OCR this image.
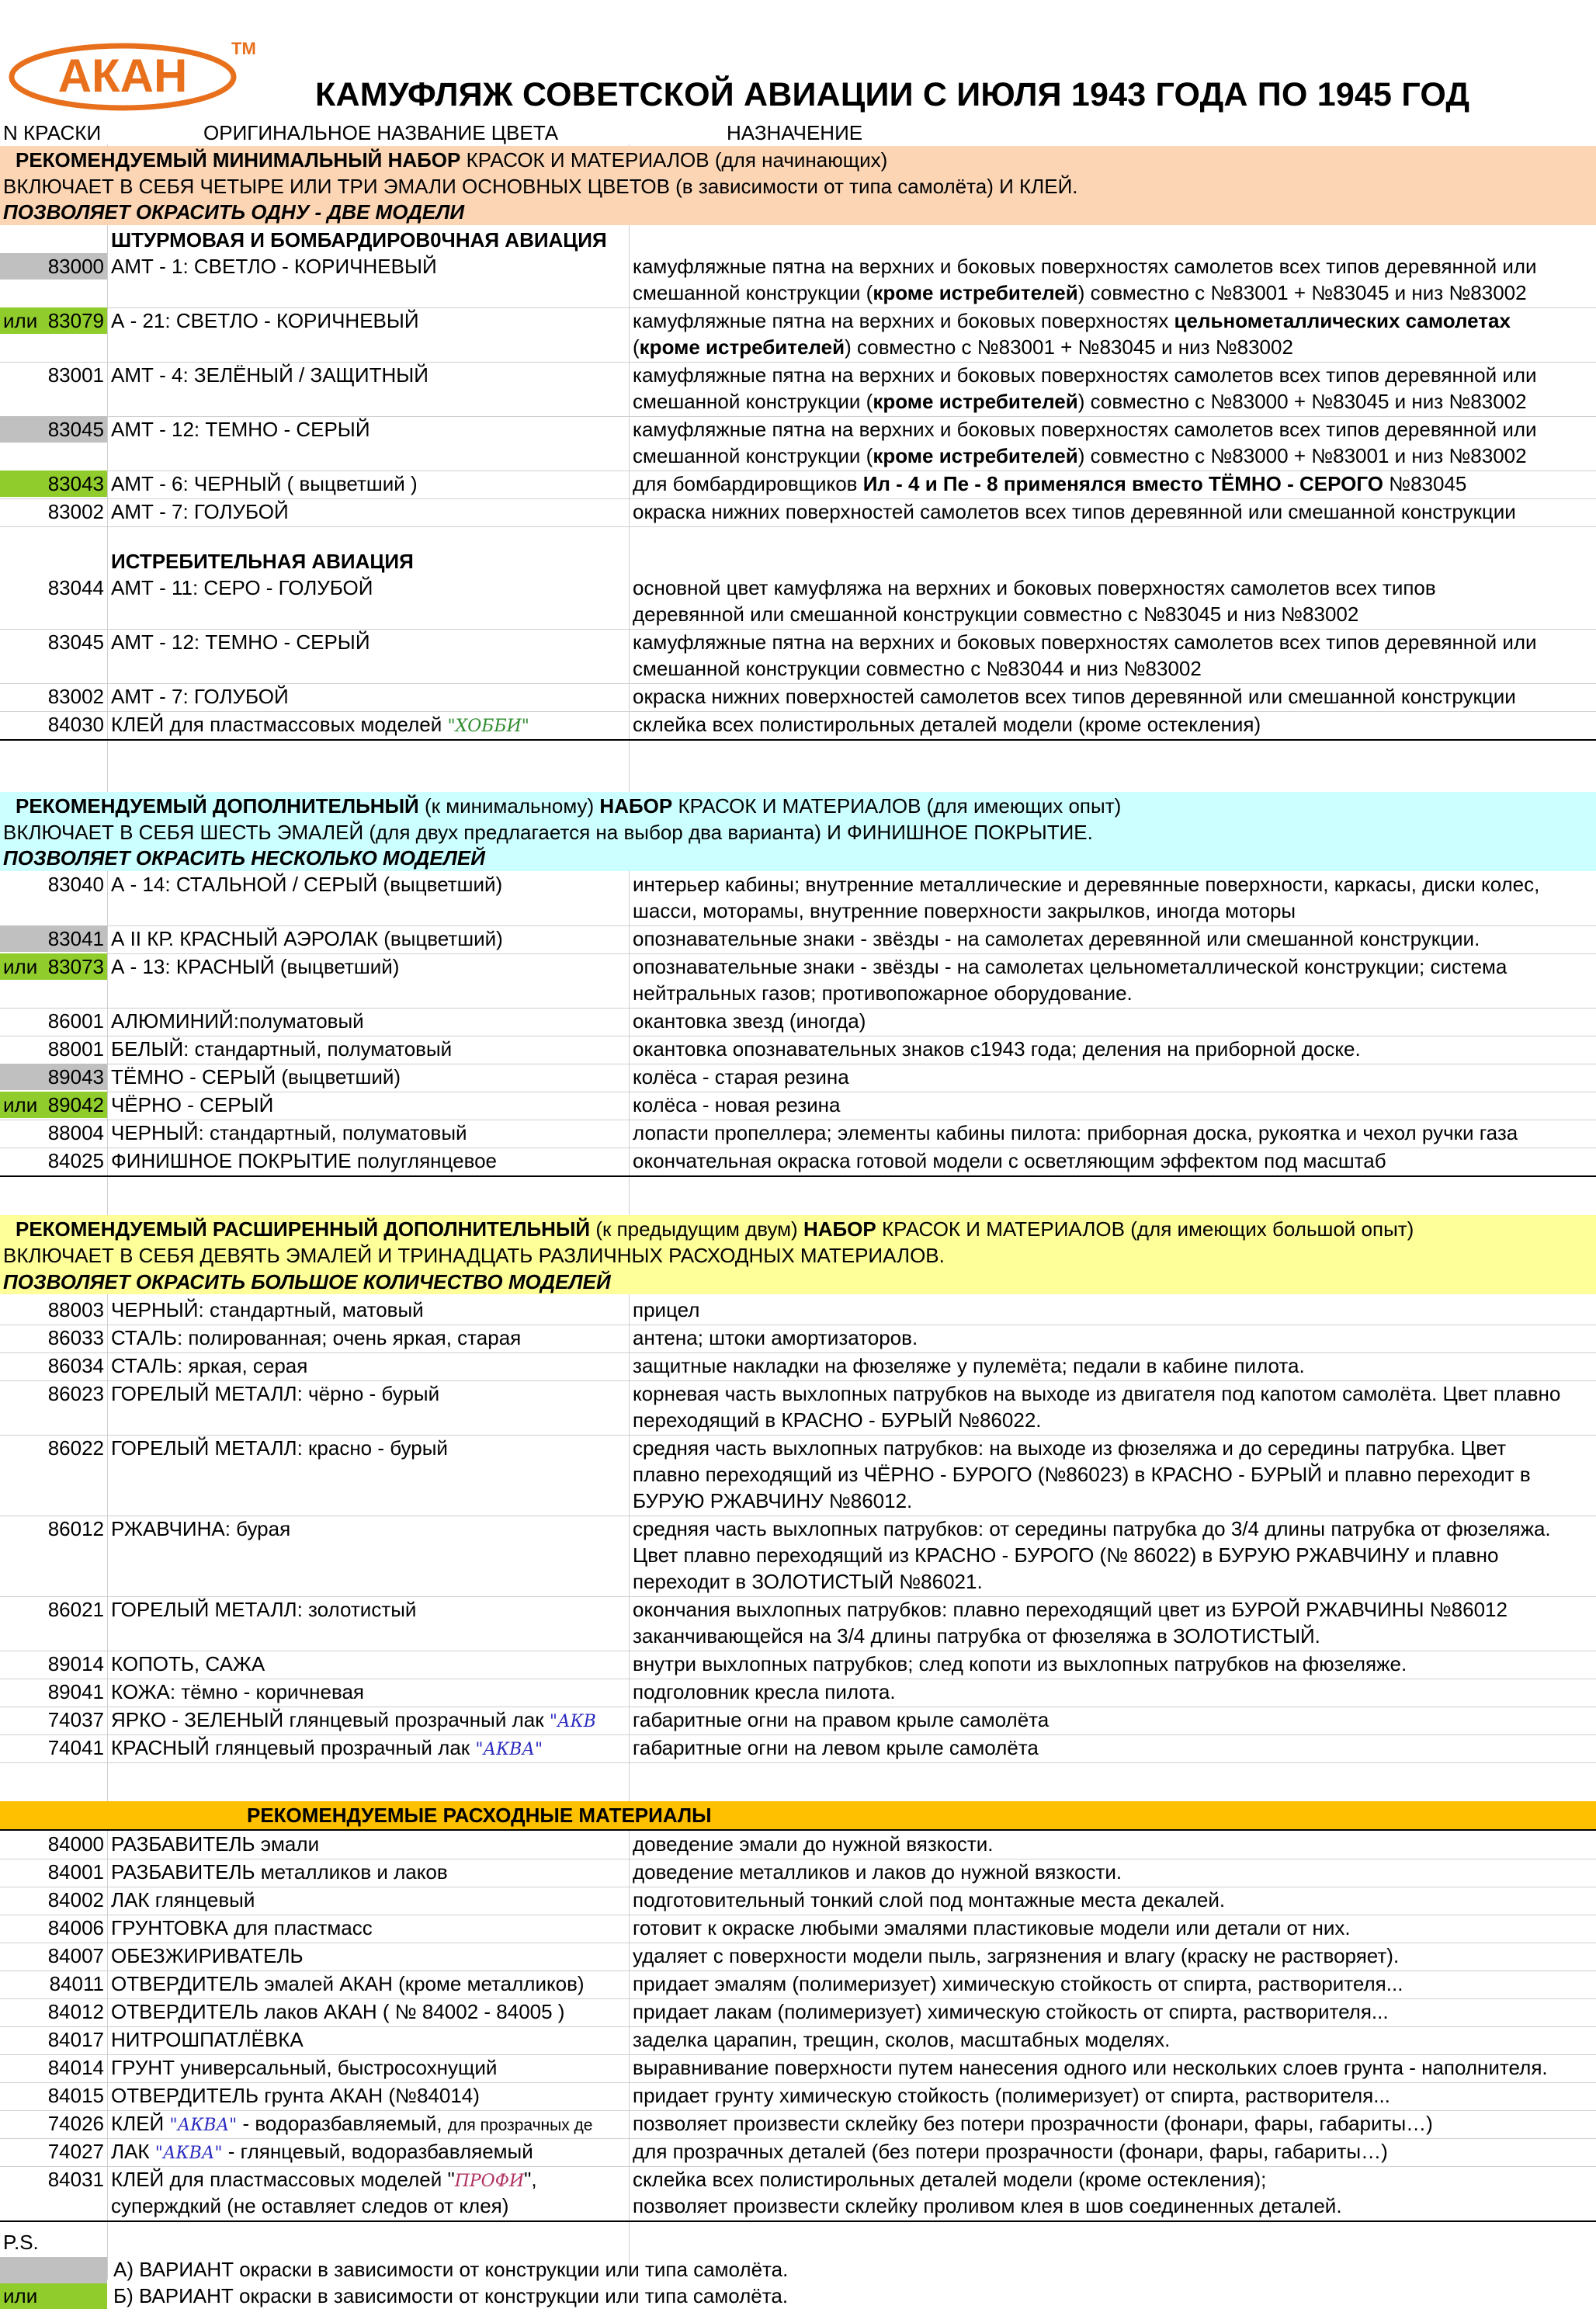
АКАН
TM
КАМУФЛЯЖ СОВЕТСКОЙ АВИАЦИИ С ИЮЛЯ 1943 ГОДА ПО 1945 ГОД
N КРАСКИ	ОРИГИНАЛЬНОЕ НАЗВАНИЕ ЦВЕТА	НАЗНАЧЕНИЕ
РЕКОМЕНДУЕМЫЙ МИНИМАЛЬНЫЙ НАБОР КРАСОК И МАТЕРИАЛОВ (для начинающих)
ВКЛЮЧАЕТ В СЕБЯ ЧЕТЫРЕ ИЛИ ТРИ ЭМАЛИ ОСНОВНЫХ ЦВЕТОВ (в зависимости от типа самолёта) И КЛЕЙ.
ПОЗВОЛЯЕТ ОКРАСИТЬ ОДНУ - ДВЕ МОДЕЛИ
ШТУРМОВАЯ И БОМБАРДИРОВ0ЧНАЯ АВИАЦИЯ
83000 АМТ - 1: СВЕТЛО - КОРИЧНЕВЫЙ	камуфляжные пятна на верхних и боковых поверхностях самолетов всех типов деревянной или
смешанной конструкции (кроме истребителей) совместно с №83001 + №83045 и низ №83002
или 83079 А - 21: СВЕТЛО - КОРИЧНЕВЫЙ	камуфляжные пятна на верхних и боковых поверхностях цельнометаллических самолетах
(кроме истребителей) совместно с №83001 + №83045 и низ №83002
83001 АМТ - 4: ЗЕЛЁНЫЙ / ЗАЩИТНЫЙ	камуфляжные пятна на верхних и боковых поверхностях самолетов всех типов деревянной или
смешанной конструкции (кроме истребителей) совместно с №83000 + №83045 и низ №83002
83045 АМТ - 12: ТЕМНО - СЕРЫЙ	камуфляжные пятна на верхних и боковых поверхностях самолетов всех типов деревянной или
смешанной конструкции (кроме истребителей) совместно с №83000 + №83001 и низ №83002
83043 АМТ - 6: ЧЕРНЫЙ ( выцветший )	для бомбардировщиков Ил - 4 и Пе - 8 применялся вместо ТЁМНО - СЕРОГО №83045
83002 АМТ - 7: ГОЛУБОЙ	окраска нижних поверхностей самолетов всех типов деревянной или смешанной конструкции
ИСТРЕБИТЕЛЬНАЯ АВИАЦИЯ
83044 АМТ - 11: СЕРО - ГОЛУБОЙ	основной цвет камуфляжа на верхних и боковых поверхностях самолетов всех типов
деревянной или смешанной конструкции совместно с №83045 и низ №83002
83045 АМТ - 12: ТЕМНО - СЕРЫЙ	камуфляжные пятна на верхних и боковых поверхностях самолетов всех типов деревянной или
смешанной конструкции совместно с №83044 и низ №83002
83002 АМТ - 7: ГОЛУБОЙ	окраска нижних поверхностей самолетов всех типов деревянной или смешанной конструкции
84030 КЛЕЙ для пластмассовых моделей "ХОББИ"	склейка всех полистирольных деталей модели (кроме остекления)
РЕКОМЕНДУЕМЫЙ ДОПОЛНИТЕЛЬНЫЙ (к минимальному) НАБОР КРАСОК И МАТЕРИАЛОВ (для имеющих опыт)
ВКЛЮЧАЕТ В СЕБЯ ШЕСТЬ ЭМАЛЕЙ (для двух предлагается на выбор два варианта) И ФИНИШНОЕ ПОКРЫТИЕ.
ПОЗВОЛЯЕТ ОКРАСИТЬ НЕСКОЛЬКО МОДЕЛЕЙ
83040 А - 14: СТАЛЬНОЙ / СЕРЫЙ (выцветший)	интерьер кабины; внутренние металлические и деревянные поверхности, каркасы, диски колес,
шасси, моторамы, внутренние поверхности закрылков, иногда моторы
83041 А II КР. КРАСНЫЙ АЭРОЛАК (выцветший)	опознавательные знаки - звёзды - на самолетах деревянной или смешанной конструкции.
или 83073 А - 13: КРАСНЫЙ (выцветший)	опознавательные знаки - звёзды - на самолетах цельнометаллической конструкции; система
нейтральных газов; противопожарное оборудование.
86001 АЛЮМИНИЙ:полуматовый	окантовка звезд (иногда)
88001 БЕЛЫЙ: стандартный, полуматовый	окантовка опознавательных знаков с1943 года; деления на приборной доске.
89043 ТЁМНО - СЕРЫЙ (выцветший)	колёса - старая резина
или 89042 ЧЁРНО - СЕРЫЙ	колёса - новая резина
88004 ЧЕРНЫЙ: стандартный, полуматовый	лопасти пропеллера; элементы кабины пилота: приборная доска, рукоятка и чехол ручки газа
84025 ФИНИШНОЕ ПОКРЫТИЕ полуглянцевое	окончательная окраска готовой модели с осветляющим эффектом под масштаб
РЕКОМЕНДУЕМЫЙ РАСШИРЕННЫЙ ДОПОЛНИТЕЛЬНЫЙ (к предыдущим двум) НАБОР КРАСОК И МАТЕРИАЛОВ (для имеющих большой опыт)
ВКЛЮЧАЕТ В СЕБЯ ДЕВЯТЬ ЭМАЛЕЙ И ТРИНАДЦАТЬ РАЗЛИЧНЫХ РАСХОДНЫХ МАТЕРИАЛОВ.
ПОЗВОЛЯЕТ ОКРАСИТЬ БОЛЬШОЕ КОЛИЧЕСТВО МОДЕЛЕЙ
88003 ЧЕРНЫЙ: стандартный, матовый	прицел
86033 СТАЛЬ: полированная; очень яркая, старая	антена; штоки амортизаторов.
86034 СТАЛЬ: яркая, серая	защитные накладки на фюзеляже у пулемёта; педали в кабине пилота.
86023 ГОРЕЛЫЙ МЕТАЛЛ: чёрно - бурый	корневая часть выхлопных патрубков на выходе из двигателя под капотом самолёта. Цвет плавно
переходящий в КРАСНО - БУРЫЙ №86022.
86022 ГОРЕЛЫЙ МЕТАЛЛ: красно - бурый	средняя часть выхлопных патрубков: на выходе из фюзеляжа и до середины патрубка. Цвет
плавно переходящий из ЧЁРНО - БУРОГО (№86023) в КРАСНО - БУРЫЙ и плавно переходит в
БУРУЮ РЖАВЧИНУ №86012.
86012 РЖАВЧИНА: бурая	средняя часть выхлопных патрубков: от середины патрубка до 3/4 длины патрубка от фюзеляжа.
Цвет плавно переходящий из КРАСНО - БУРОГО (№ 86022) в БУРУЮ РЖАВЧИНУ и плавно
переходит в ЗОЛОТИСТЫЙ №86021.
86021 ГОРЕЛЫЙ МЕТАЛЛ: золотистый	окончания выхлопных патрубков: плавно переходящий цвет из БУРОЙ РЖАВЧИНЫ №86012
заканчивающейся на 3/4 длины патрубка от фюзеляжа в ЗОЛОТИСТЫЙ.
89014 КОПОТЬ, САЖА	внутри выхлопных патрубков; след копоти из выхлопных патрубков на фюзеляже.
89041 КОЖА: тёмно - коричневая	подголовник кресла пилота.
74037 ЯРКО - ЗЕЛЕНЫЙ глянцевый прозрачный лак "АКВ габаритные огни на правом крыле самолёта
74041 КРАСНЫЙ глянцевый прозрачный лак "АКВА"	габаритные огни на левом крыле самолёта
РЕКОМЕНДУЕМЫЕ РАСХОДНЫЕ МАТЕРИАЛЫ
84000 РАЗБАВИТЕЛЬ эмали	доведение эмали до нужной вязкости.
84001 РАЗБАВИТЕЛЬ металликов и лаков	доведение металликов и лаков до нужной вязкости.
84002 ЛАК глянцевый	подготовительный тонкий слой под монтажные места декалей.
84006 ГРУНТОВКА для пластмасс	готовит к окраске любыми эмалями пластиковые модели или детали от них.
84007 ОБЕЗЖИРИВАТЕЛЬ	удаляет с поверхности модели пыль, загрязнения и влагу (краску не растворяет).
84011 ОТВЕРДИТЕЛЬ эмалей АКАН (кроме металликов) придает эмалям (полимеризует) химическую стойкость от спирта, растворителя...
84012 ОТВЕРДИТЕЛЬ лаков АКАН ( № 84002 - 84005 )	придает лакам (полимеризует) химическую стойкость от спирта, растворителя...
84017 НИТРОШПАТЛЁВКА	заделка царапин, трещин, сколов, масштабных моделях.
84014 ГРУНТ универсальный, быстросохнущий	выравнивание поверхности путем нанесения одного или нескольких слоев грунта - наполнителя.
84015 ОТВЕРДИТЕЛЬ грунта АКАН (№84014)	придает грунту химическую стойкость (полимеризует) от спирта, растворителя...
74026 КЛЕЙ "АКВА" - водоразбавляемый, для прозрачных де позволяет произвести склейку без потери прозрачности (фонари, фары, габариты…)
74027 ЛАК "АКВА" - глянцевый, водоразбавляемый	для прозрачных деталей (без потери прозрачности (фонари, фары, габариты…)
84031 КЛЕЙ для пластмассовых моделей "ПРОФИ",
суперждкий (не оставляет следов от клея)
склейка всех полистирольных деталей модели (кроме остекления);
позволяет произвести склейку проливом клея в шов соединенных деталей.
P.S.
А) ВАРИАНТ окраски в зависимости от конструкции или типа самолёта.
или	Б) ВАРИАНТ окраски в зависимости от конструкции или типа самолёта.
